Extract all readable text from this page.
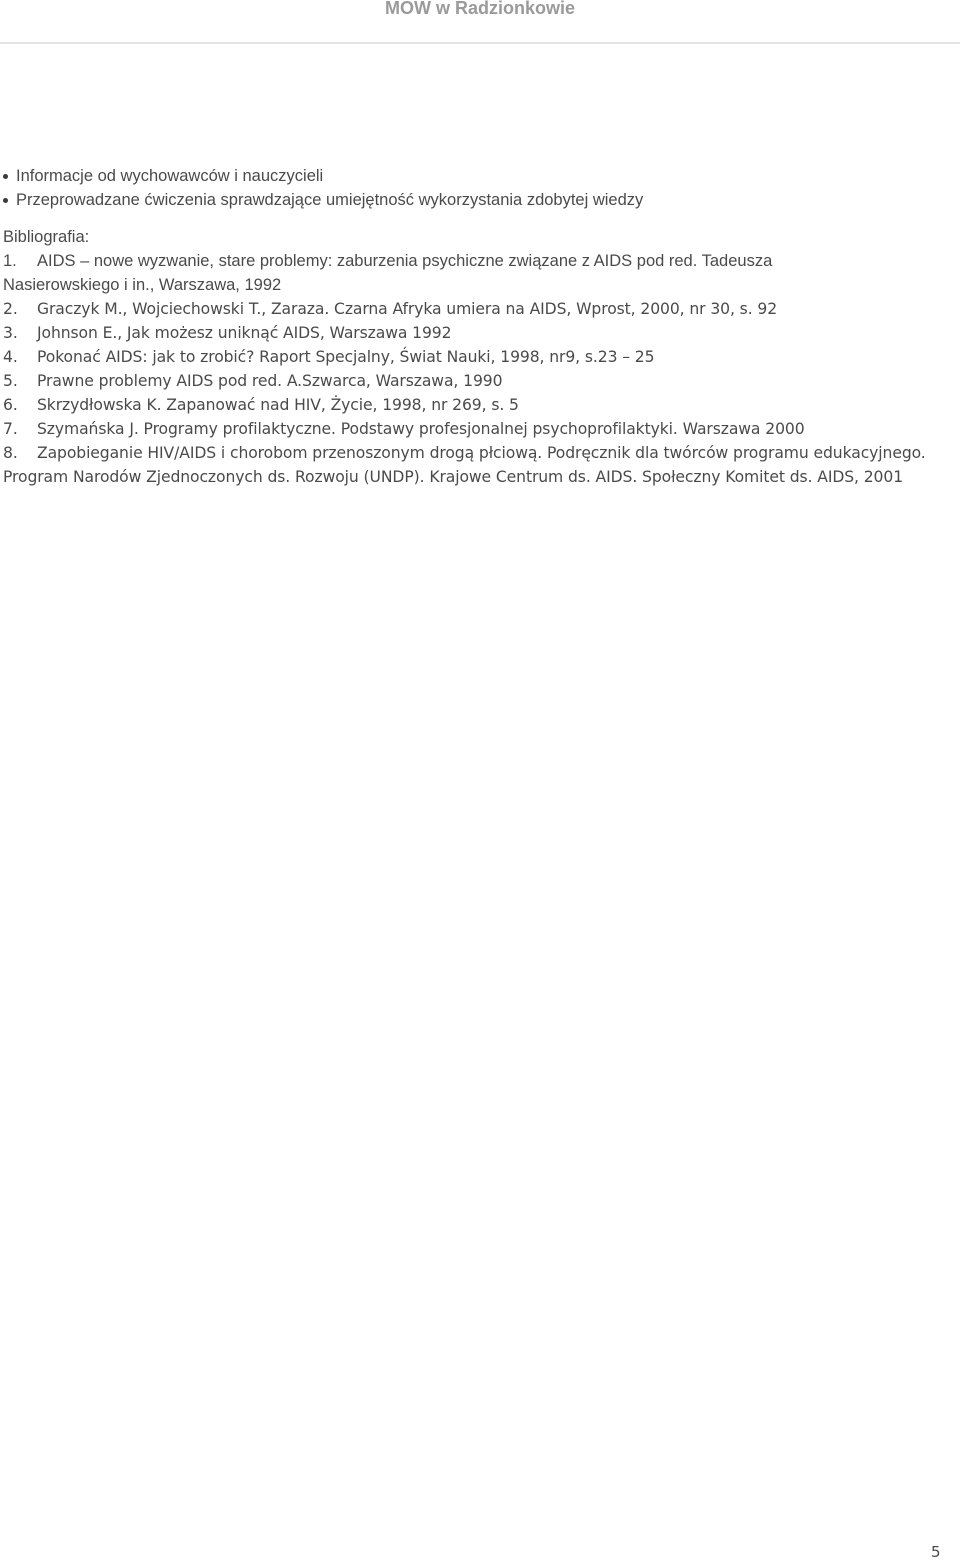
MOW w Radzionkowie
Informacje od wychowawców i nauczycieli
Przeprowadzane ćwiczenia sprawdzające umiejętność wykorzystania zdobytej wiedzy
Bibliografia:
1. AIDS – nowe wyzwanie, stare problemy: zaburzenia psychiczne związane z AIDS pod red. Tadeusza Nasierowskiego i in., Warszawa, 1992
2. Graczyk M., Wojciechowski T., Zaraza. Czarna Afryka umiera na AIDS, Wprost, 2000, nr 30, s. 92
3. Johnson E., Jak możesz uniknąć AIDS, Warszawa 1992
4. Pokonać AIDS: jak to zrobić? Raport Specjalny, Świat Nauki, 1998, nr9, s.23 – 25
5. Prawne problemy AIDS pod red. A.Szwarca, Warszawa, 1990
6. Skrzydłowska K. Zapanować nad HIV, Życie, 1998, nr 269, s. 5
7. Szymańska J. Programy profilaktyczne. Podstawy profesjonalnej psychoprofilaktyki. Warszawa 2000
8. Zapobieganie HIV/AIDS i chorobom przenoszonym drogą płciową. Podręcznik dla twórców programu edukacyjnego. Program Narodów Zjednoczonych ds. Rozwoju (UNDP). Krajowe Centrum ds. AIDS. Społeczny Komitet ds. AIDS, 2001
5
